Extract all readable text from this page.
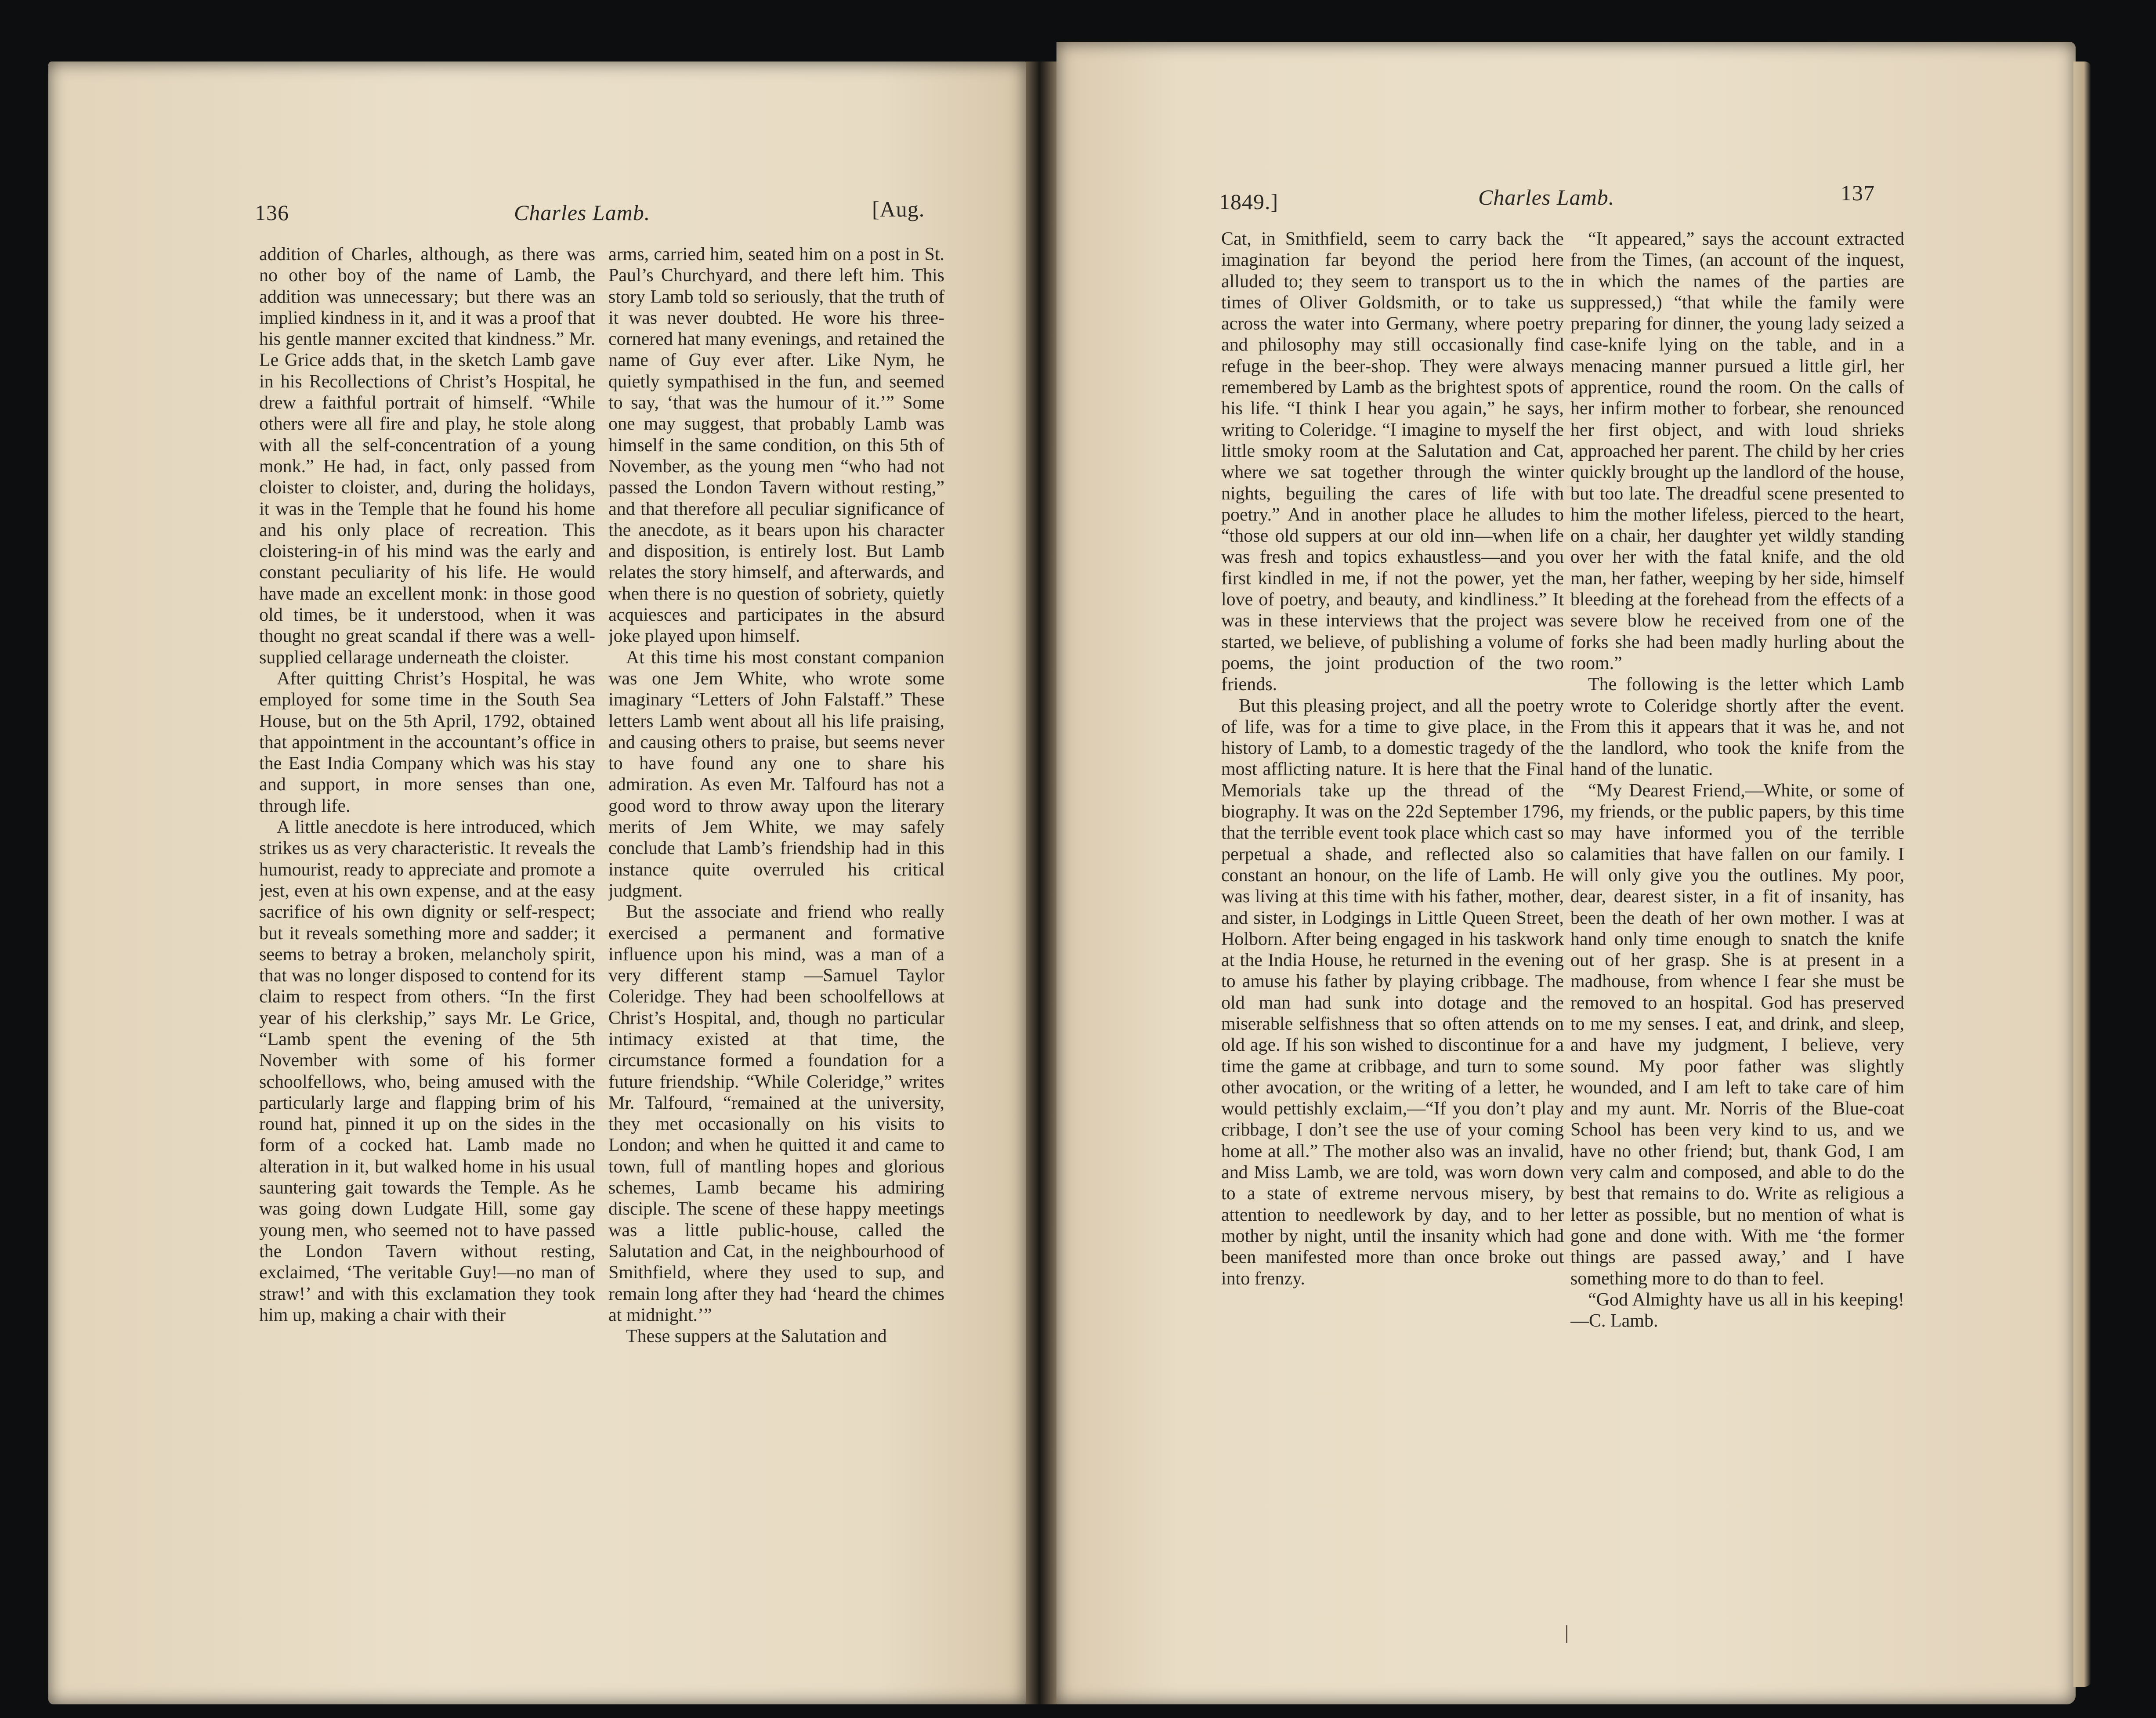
136	Charles Lamb.	[Aug.

addition of Charles, although, as there was no other boy of the name of Lamb, the addition was unnecessary; but there was an implied kindness in it, and it was a proof that his gentle manner excited that kindness.” Mr. Le Grice adds that, in the sketch Lamb gave in his Recollections of Christ’s Hospital, he drew a faithful portrait of himself. “While others were all fire and play, he stole along with all the self-concentration of a young monk.” He had, in fact, only passed from cloister to cloister, and, during the holidays, it was in the Temple that he found his home and his only place of recreation. This cloistering-in of his mind was the early and constant peculiarity of his life. He would have made an excellent monk: in those good old times, be it understood, when it was thought no great scandal if there was a well-supplied cellarage underneath the cloister.

After quitting Christ’s Hospital, he was employed for some time in the South Sea House, but on the 5th April, 1792, obtained that appointment in the accountant’s office in the East India Company which was his stay and support, in more senses than one, through life.

A little anecdote is here introduced, which strikes us as very characteristic. It reveals the humourist, ready to appreciate and promote a jest, even at his own expense, and at the easy sacrifice of his own dignity or self-respect; but it reveals something more and sadder; it seems to betray a broken, melancholy spirit, that was no longer disposed to contend for its claim to respect from others. “In the first year of his clerkship,” says Mr. Le Grice, “Lamb spent the evening of the 5th November with some of his former schoolfellows, who, being amused with the particularly large and flapping brim of his round hat, pinned it up on the sides in the form of a cocked hat. Lamb made no alteration in it, but walked home in his usual sauntering gait towards the Temple. As he was going down Ludgate Hill, some gay young men, who seemed not to have passed the London Tavern without resting, exclaimed, ‘The veritable Guy!—no man of straw!’ and with this exclamation they took him up, making a chair with their

arms, carried him, seated him on a post in St. Paul’s Churchyard, and there left him. This story Lamb told so seriously, that the truth of it was never doubted. He wore his three-cornered hat many evenings, and retained the name of Guy ever after. Like Nym, he quietly sympathised in the fun, and seemed to say, ‘that was the humour of it.’” Some one may suggest, that probably Lamb was himself in the same condition, on this 5th of November, as the young men “who had not passed the London Tavern without resting,” and that therefore all peculiar significance of the anecdote, as it bears upon his character and disposition, is entirely lost. But Lamb relates the story himself, and afterwards, and when there is no question of sobriety, quietly acquiesces and participates in the absurd joke played upon himself.

At this time his most constant companion was one Jem White, who wrote some imaginary “Letters of John Falstaff.” These letters Lamb went about all his life praising, and causing others to praise, but seems never to have found any one to share his admiration. As even Mr. Talfourd has not a good word to throw away upon the literary merits of Jem White, we may safely conclude that Lamb’s friendship had in this instance quite overruled his critical judgment.

But the associate and friend who really exercised a permanent and formative influence upon his mind, was a man of a very different stamp —Samuel Taylor Coleridge. They had been schoolfellows at Christ’s Hospital, and, though no particular intimacy existed at that time, the circumstance formed a foundation for a future friendship. “While Coleridge,” writes Mr. Talfourd, “remained at the university, they met occasionally on his visits to London; and when he quitted it and came to town, full of mantling hopes and glorious schemes, Lamb became his admiring disciple. The scene of these happy meetings was a little public-house, called the Salutation and Cat, in the neighbourhood of Smithfield, where they used to sup, and remain long after they had ‘heard the chimes at midnight.’”

These suppers at the Salutation and

1849.]	Charles Lamb.	137

Cat, in Smithfield, seem to carry back the imagination far beyond the period here alluded to; they seem to transport us to the times of Oliver Goldsmith, or to take us across the water into Germany, where poetry and philosophy may still occasionally find refuge in the beer-shop. They were always remembered by Lamb as the brightest spots of his life. “I think I hear you again,” he says, writing to Coleridge. “I imagine to myself the little smoky room at the Salutation and Cat, where we sat together through the winter nights, beguiling the cares of life with poetry.” And in another place he alludes to “those old suppers at our old inn—when life was fresh and topics exhaustless—and you first kindled in me, if not the power, yet the love of poetry, and beauty, and kindliness.” It was in these interviews that the project was started, we believe, of publishing a volume of poems, the joint production of the two friends.

But this pleasing project, and all the poetry of life, was for a time to give place, in the history of Lamb, to a domestic tragedy of the most afflicting nature. It is here that the Final Memorials take up the thread of the biography. It was on the 22d September 1796, that the terrible event took place which cast so perpetual a shade, and reflected also so constant an honour, on the life of Lamb. He was living at this time with his father, mother, and sister, in Lodgings in Little Queen Street, Holborn. After being engaged in his taskwork at the India House, he returned in the evening to amuse his father by playing cribbage. The old man had sunk into dotage and the miserable selfishness that so often attends on old age. If his son wished to discontinue for a time the game at cribbage, and turn to some other avocation, or the writing of a letter, he would pettishly exclaim,—“If you don’t play cribbage, I don’t see the use of your coming home at all.” The mother also was an invalid, and Miss Lamb, we are told, was worn down to a state of extreme nervous misery, by attention to needlework by day, and to her mother by night, until the insanity which had been manifested more than once broke out into frenzy.

“It appeared,” says the account extracted from the Times, (an account of the inquest, in which the names of the parties are suppressed,) “that while the family were preparing for dinner, the young lady seized a case-knife lying on the table, and in a menacing manner pursued a little girl, her apprentice, round the room. On the calls of her infirm mother to forbear, she renounced her first object, and with loud shrieks approached her parent. The child by her cries quickly brought up the landlord of the house, but too late. The dreadful scene presented to him the mother lifeless, pierced to the heart, on a chair, her daughter yet wildly standing over her with the fatal knife, and the old man, her father, weeping by her side, himself bleeding at the forehead from the effects of a severe blow he received from one of the forks she had been madly hurling about the room.”

The following is the letter which Lamb wrote to Coleridge shortly after the event. From this it appears that it was he, and not the landlord, who took the knife from the hand of the lunatic.

“My Dearest Friend,—White, or some of my friends, or the public papers, by this time may have informed you of the terrible calamities that have fallen on our family. I will only give you the outlines. My poor, dear, dearest sister, in a fit of insanity, has been the death of her own mother. I was at hand only time enough to snatch the knife out of her grasp. She is at present in a madhouse, from whence I fear she must be removed to an hospital. God has preserved to me my senses. I eat, and drink, and sleep, and have my judgment, I believe, very sound. My poor father was slightly wounded, and I am left to take care of him and my aunt. Mr. Norris of the Blue-coat School has been very kind to us, and we have no other friend; but, thank God, I am very calm and composed, and able to do the best that remains to do. Write as religious a letter as possible, but no mention of what is gone and done with. With me ‘the former things are passed away,’ and I have something more to do than to feel.

“God Almighty have us all in his keeping!—C. Lamb.
